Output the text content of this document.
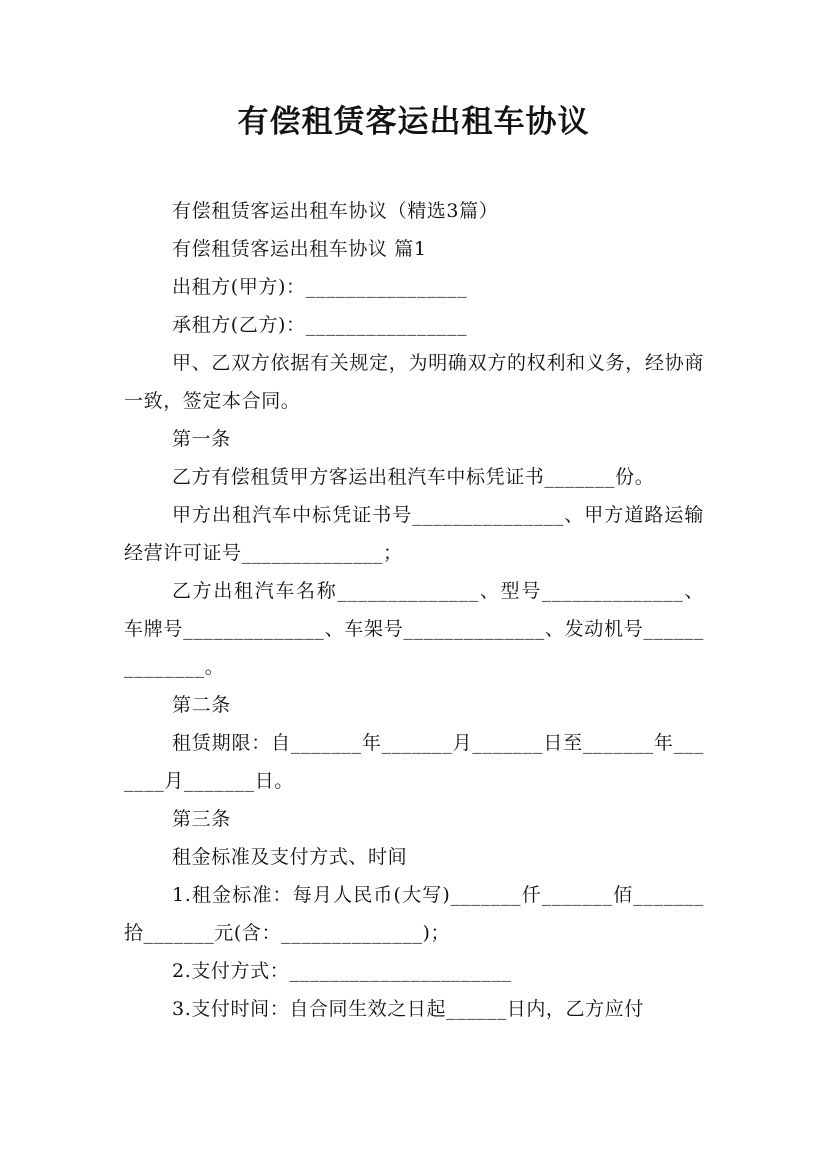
有偿租赁客运出租车协议

有偿租赁客运出租车协议（精选3篇）

有偿租赁客运出租车协议 篇1

出租方(甲方)：________________

承租方(乙方)：________________

甲、乙双方依据有关规定，为明确双方的权利和义务，经协商一致，签定本合同。

第一条

乙方有偿租赁甲方客运出租汽车中标凭证书_______份。

甲方出租汽车中标凭证书号_______________、甲方道路运输经营许可证号______________；

乙方出租汽车名称______________、型号______________、车牌号______________、车架号______________、发动机号______________。

第二条

租赁期限：自_______年_______月_______日至_______年_______月_______日。

第三条

租金标准及支付方式、时间

1.租金标准：每月人民币(大写)_______仟_______佰_______拾_______元(含：______________)；

2.支付方式：______________________

3.支付时间：自合同生效之日起______日内，乙方应付
